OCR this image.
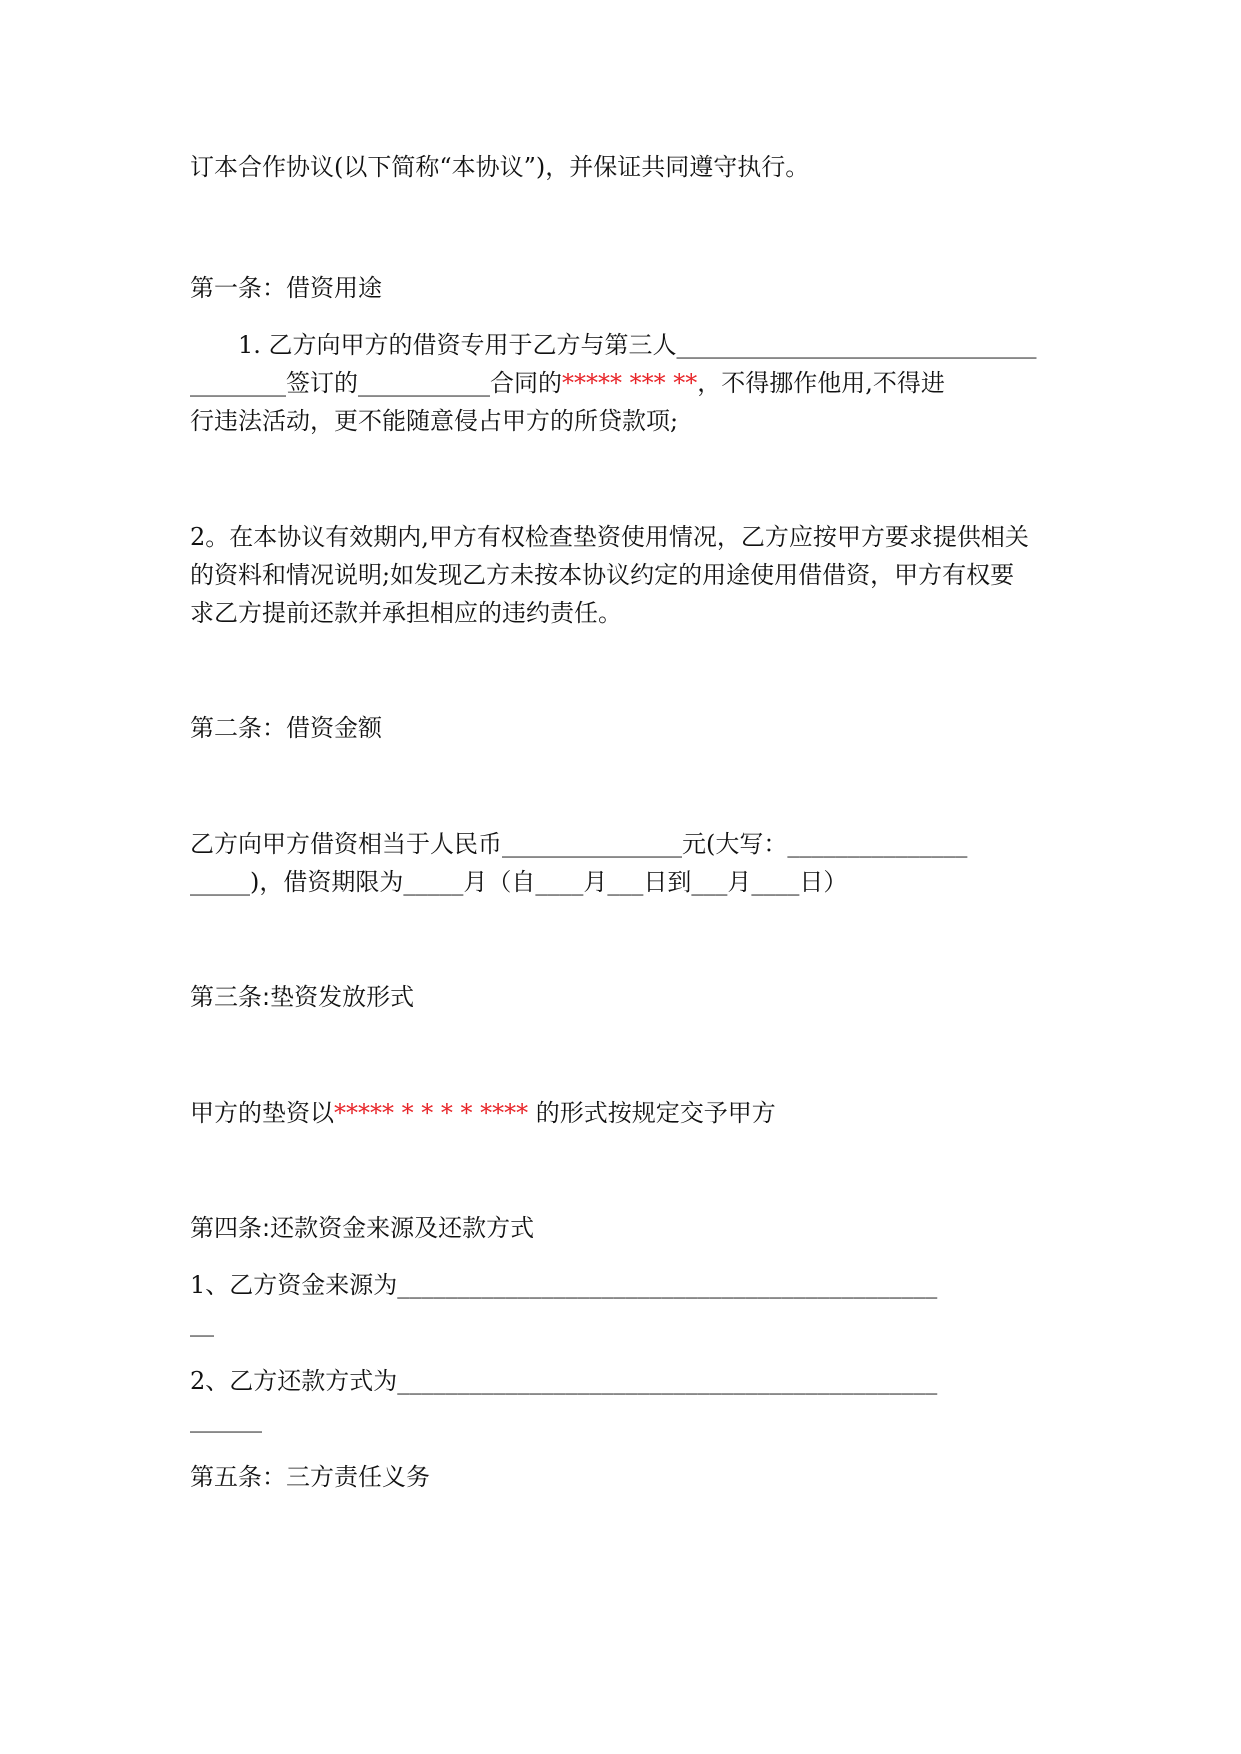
订本合作协议(以下简称“本协议”)，并保证共同遵守执行。
第一条：借资用途
1. 乙方向甲方的借资专用于乙方与第三人______________________________
________签订的___________合同的***** *** **，不得挪作他用,不得进
行违法活动，更不能随意侵占甲方的所贷款项;
2。在本协议有效期内,甲方有权检查垫资使用情况，乙方应按甲方要求提供相关
的资料和情况说明;如发现乙方未按本协议约定的用途使用借借资，甲方有权要
求乙方提前还款并承担相应的违约责任。
第二条：借资金额
乙方向甲方借资相当于人民币_______________元(大写：_______________
_____)，借资期限为_____月（自____月___日到___月____日）
第三条:垫资发放形式
甲方的垫资以***** * * * * **** 的形式按规定交予甲方
第四条:还款资金来源及还款方式
1、乙方资金来源为_____________________________________________
__
2、乙方还款方式为_____________________________________________
______
第五条：三方责任义务
